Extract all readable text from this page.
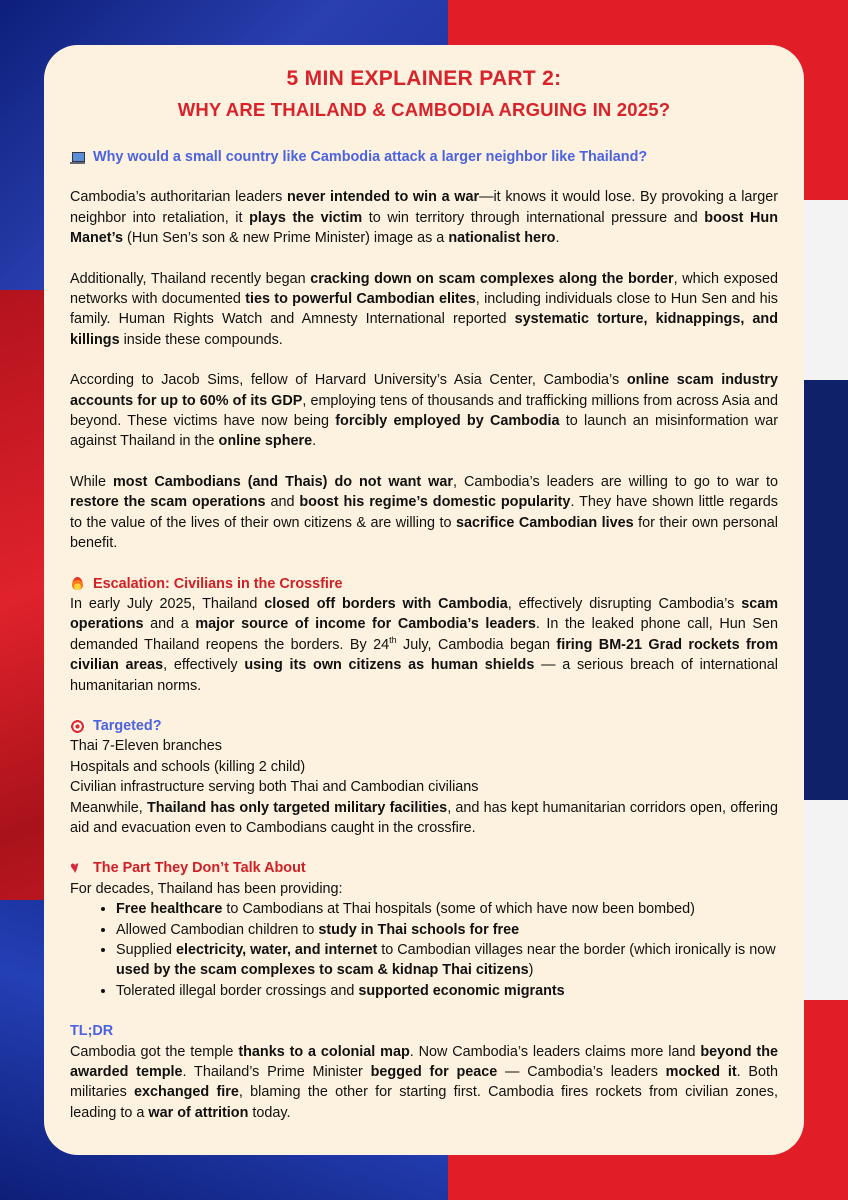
5 MIN EXPLAINER PART 2:
WHY ARE THAILAND & CAMBODIA ARGUING IN 2025?
Why would a small country like Cambodia attack a larger neighbor like Thailand?

Cambodia’s authoritarian leaders never intended to win a war—it knows it would lose. By provoking a larger neighbor into retaliation, it plays the victim to win territory through international pressure and boost Hun Manet’s (Hun Sen’s son & new Prime Minister) image as a nationalist hero.

Additionally, Thailand recently began cracking down on scam complexes along the border, which exposed networks with documented ties to powerful Cambodian elites, including individuals close to Hun Sen and his family. Human Rights Watch and Amnesty International reported systematic torture, kidnappings, and killings inside these compounds.

According to Jacob Sims, fellow of Harvard University’s Asia Center, Cambodia’s online scam industry accounts for up to 60% of its GDP, employing tens of thousands and trafficking millions from across Asia and beyond. These victims have now being forcibly employed by Cambodia to launch an misinformation war against Thailand in the online sphere.

While most Cambodians (and Thais) do not want war, Cambodia’s leaders are willing to go to war to restore the scam operations and boost his regime’s domestic popularity. They have shown little regards to the value of the lives of their own citizens & are willing to sacrifice Cambodian lives for their own personal benefit.

Escalation: Civilians in the Crossfire

In early July 2025, Thailand closed off borders with Cambodia, effectively disrupting Cambodia’s scam operations and a major source of income for Cambodia’s leaders. In the leaked phone call, Hun Sen demanded Thailand reopens the borders. By 24th July, Cambodia began firing BM-21 Grad rockets from civilian areas, effectively using its own citizens as human shields — a serious breach of international humanitarian norms.

Targeted?
Thai 7-Eleven branches
Hospitals and schools (killing 2 child)
Civilian infrastructure serving both Thai and Cambodian civilians

Meanwhile, Thailand has only targeted military facilities, and has kept humanitarian corridors open, offering aid and evacuation even to Cambodians caught in the crossfire.

♥
The Part They Don’t Talk About
For decades, Thailand has been providing:
• Free healthcare to Cambodians at Thai hospitals (some of which have now been bombed)
• Allowed Cambodian children to study in Thai schools for free
• Supplied electricity, water, and internet to Cambodian villages near the border (which ironically is now used by the scam complexes to scam & kidnap Thai citizens)
• Tolerated illegal border crossings and supported economic migrants
TL;DR

Cambodia got the temple thanks to a colonial map. Now Cambodia’s leaders claims more land beyond the awarded temple. Thailand’s Prime Minister begged for peace — Cambodia’s leaders mocked it. Both militaries exchanged fire, blaming the other for starting first. Cambodia fires rockets from civilian zones, leading to a war of attrition today.
